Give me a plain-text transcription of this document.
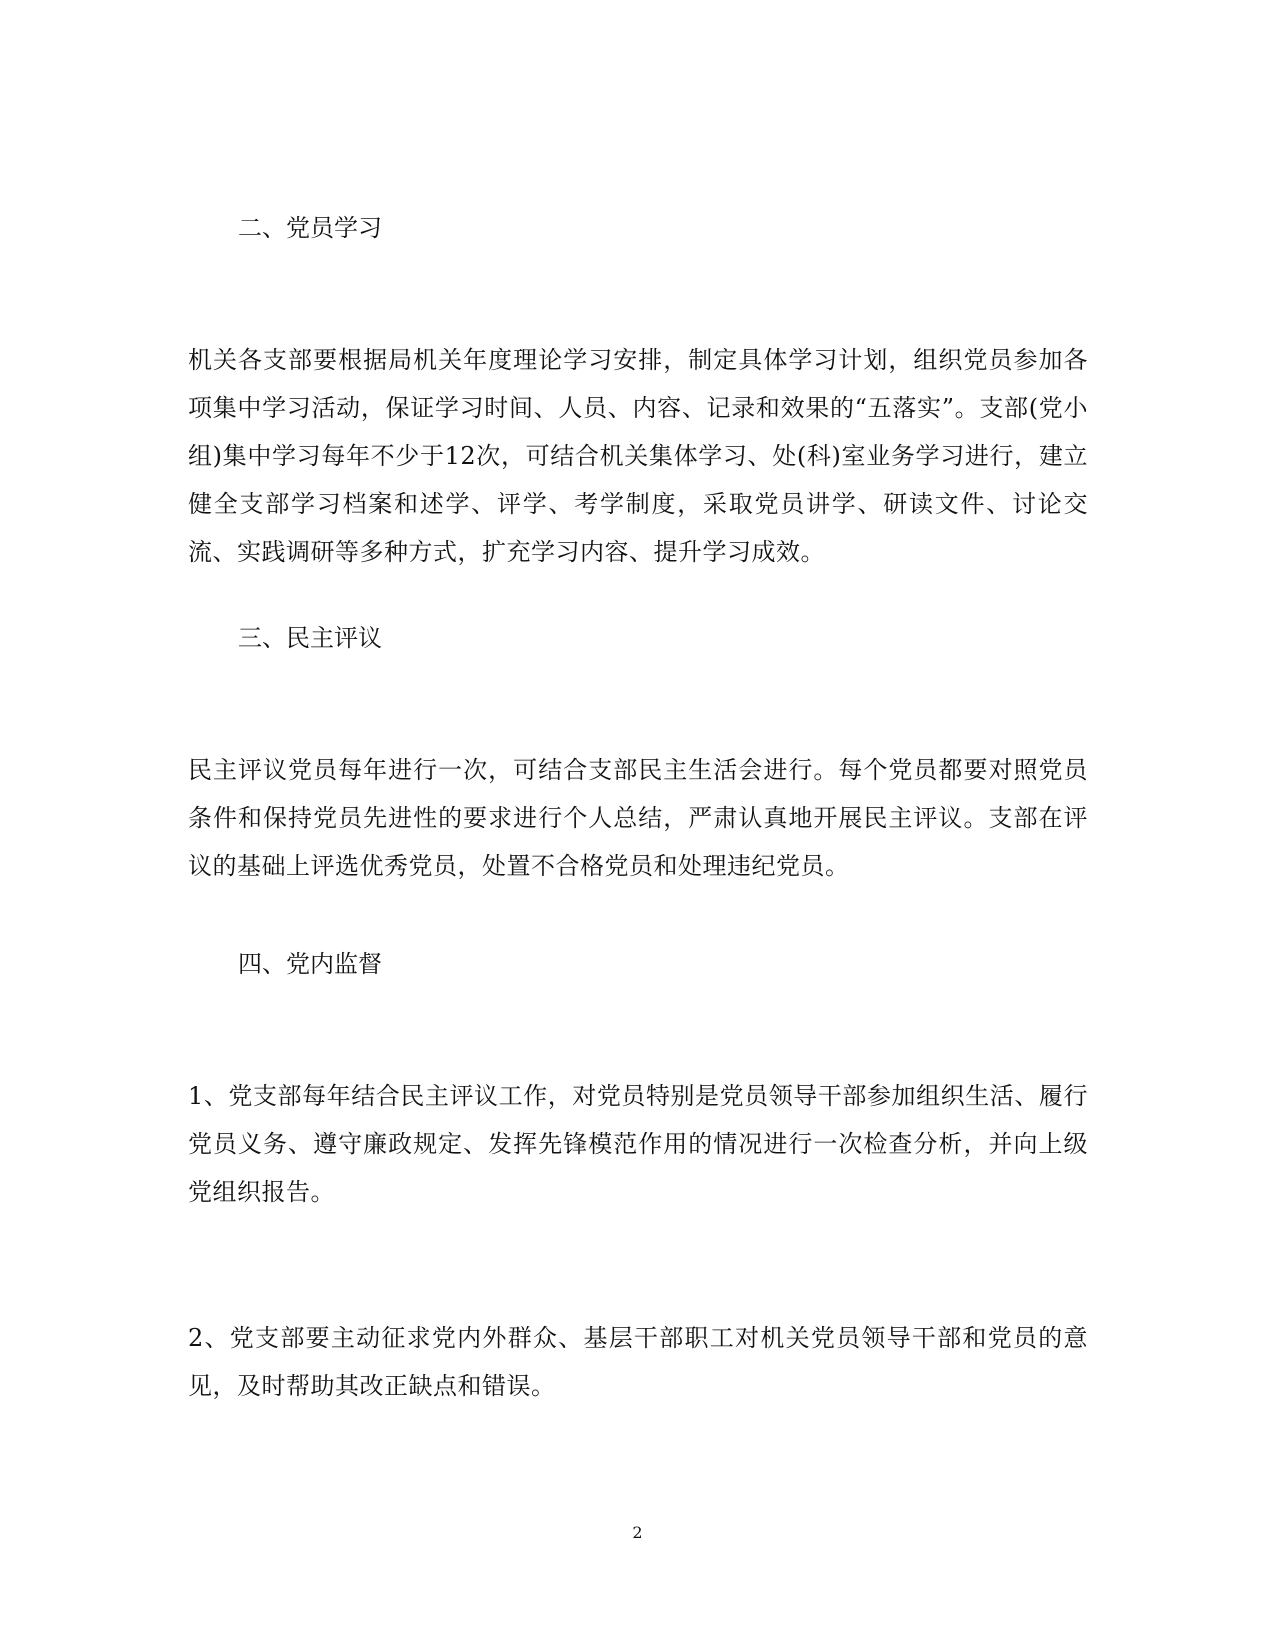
二、党员学习
机关各支部要根据局机关年度理论学习安排，制定具体学习计划，组织党员参加各项集中学习活动，保证学习时间、人员、内容、记录和效果的“五落实”。支部(党小组)集中学习每年不少于12次，可结合机关集体学习、处(科)室业务学习进行，建立健全支部学习档案和述学、评学、考学制度，采取党员讲学、研读文件、讨论交流、实践调研等多种方式，扩充学习内容、提升学习成效。
三、民主评议
民主评议党员每年进行一次，可结合支部民主生活会进行。每个党员都要对照党员条件和保持党员先进性的要求进行个人总结，严肃认真地开展民主评议。支部在评议的基础上评选优秀党员，处置不合格党员和处理违纪党员。
四、党内监督
1、党支部每年结合民主评议工作，对党员特别是党员领导干部参加组织生活、履行党员义务、遵守廉政规定、发挥先锋模范作用的情况进行一次检查分析，并向上级党组织报告。
2、党支部要主动征求党内外群众、基层干部职工对机关党员领导干部和党员的意见，及时帮助其改正缺点和错误。
2
